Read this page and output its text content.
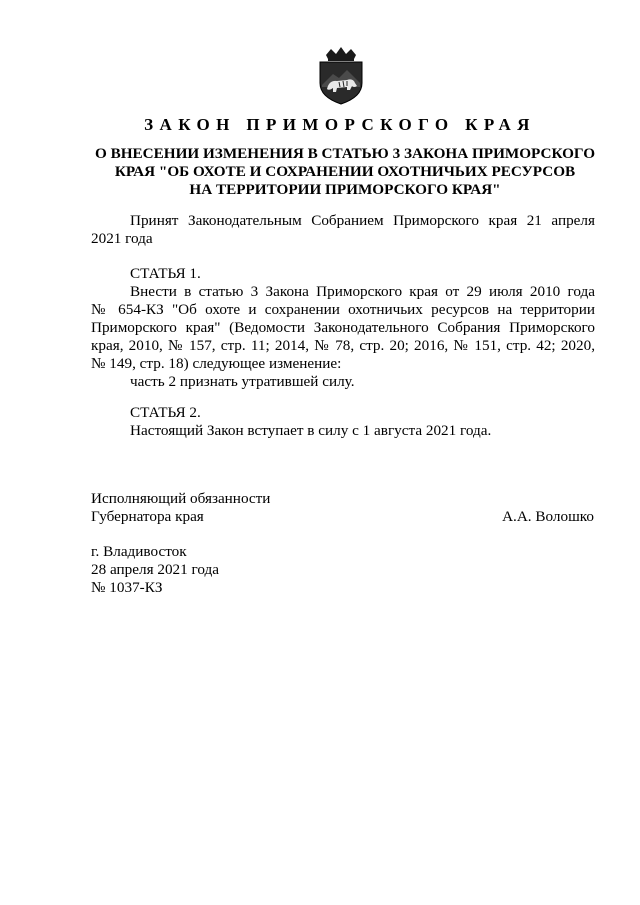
ЗАКОН ПРИМОРСКОГО КРАЯ
О ВНЕСЕНИИ ИЗМЕНЕНИЯ В СТАТЬЮ 3 ЗАКОНА ПРИМОРСКОГО
КРАЯ "ОБ ОХОТЕ И СОХРАНЕНИИ ОХОТНИЧЬИХ РЕСУРСОВ
НА ТЕРРИТОРИИ ПРИМОРСКОГО КРАЯ"
Принят Законодательным Собранием Приморского края 21 апреля
2021 года
СТАТЬЯ 1.
Внести в статью 3 Закона Приморского края от 29 июля 2010 года
№ 654-КЗ "Об охоте и сохранении охотничьих ресурсов на территории
Приморского края" (Ведомости Законодательного Собрания Приморского
края, 2010, № 157, стр. 11; 2014, № 78, стр. 20; 2016, № 151, стр. 42; 2020,
№ 149, стр. 18) следующее изменение:
часть 2 признать утратившей силу.
СТАТЬЯ 2.
Настоящий Закон вступает в силу с 1 августа 2021 года.
Исполняющий обязанности
Губернатора края	А.А. Волошко
г. Владивосток
28 апреля 2021 года
№ 1037-КЗ
